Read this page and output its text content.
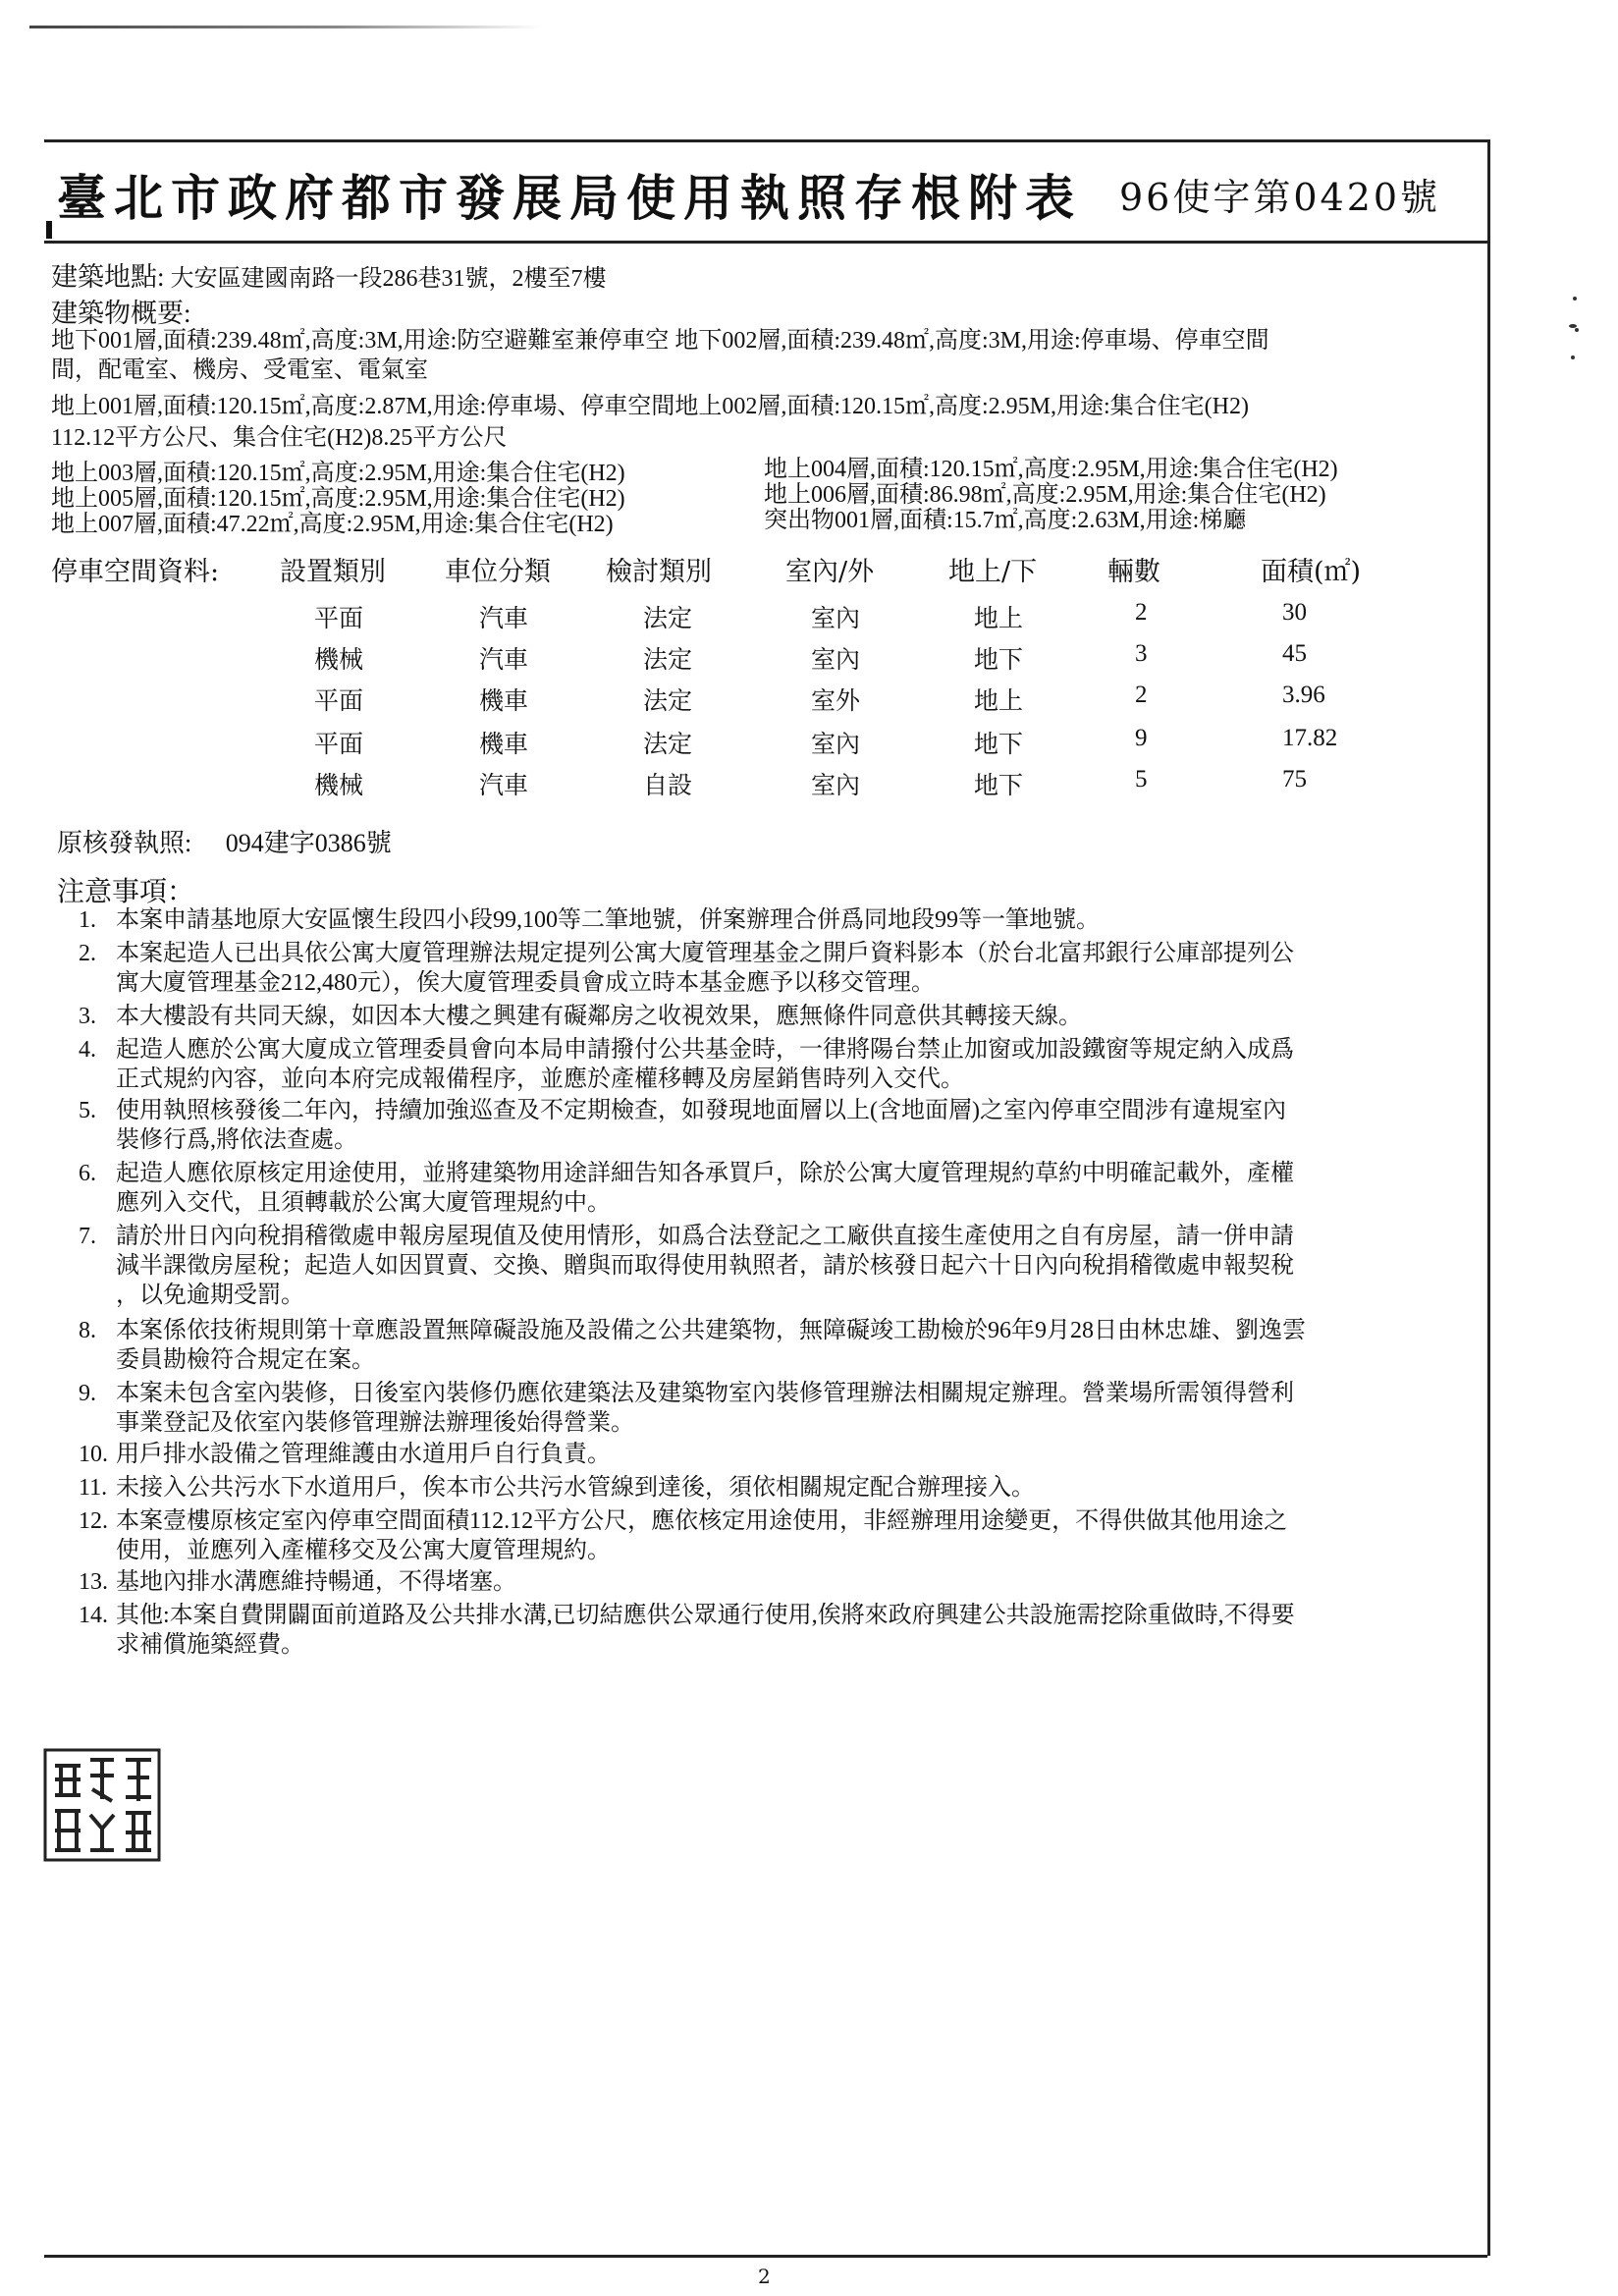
臺北市政府都市發展局使用執照存根附表 96使字第0420號
建築地點: 大安區建國南路一段286巷31號，2樓至7樓
建築物概要:
地下001層,面積:239.48㎡,高度:3M,用途:防空避難室兼停車空 地下002層,面積:239.48㎡,高度:3M,用途:停車場、停車空間
間，配電室、機房、受電室、電氣室
地上001層,面積:120.15㎡,高度:2.87M,用途:停車場、停車空間地上002層,面積:120.15㎡,高度:2.95M,用途:集合住宅(H2)
112.12平方公尺、集合住宅(H2)8.25平方公尺
地上003層,面積:120.15㎡,高度:2.95M,用途:集合住宅(H2)
地上005層,面積:120.15㎡,高度:2.95M,用途:集合住宅(H2)
地上007層,面積:47.22㎡,高度:2.95M,用途:集合住宅(H2)
地上004層,面積:120.15㎡,高度:2.95M,用途:集合住宅(H2)
地上006層,面積:86.98㎡,高度:2.95M,用途:集合住宅(H2)
突出物001層,面積:15.7㎡,高度:2.63M,用途:梯廳
停車空間資料: 設置類別 車位分類 檢討類別	室內/外	地上/下	輛數	面積(㎡)
平面	汽車	法定	室內	地上	2	30
機械	汽車	法定	室內	地下	3	45
平面	機車	法定	室外	地上	2	3.96
平面	機車	法定	室內	地下	9	17.82
機械	汽車	自設	室內	地下	5	75
原核發執照: 094建字0386號
注意事項：
1. 本案申請基地原大安區懷生段四小段99,100等二筆地號，併案辦理合併爲同地段99等一筆地號。
2. 本案起造人已出具依公寓大廈管理辦法規定提列公寓大廈管理基金之開戶資料影本（於台北富邦銀行公庫部提列公
寓大廈管理基金212,480元），俟大廈管理委員會成立時本基金應予以移交管理。
3. 本大樓設有共同天線，如因本大樓之興建有礙鄰房之收視效果，應無條件同意供其轉接天線。
4. 起造人應於公寓大廈成立管理委員會向本局申請撥付公共基金時，一律將陽台禁止加窗或加設鐵窗等規定納入成爲
正式規約內容，並向本府完成報備程序，並應於產權移轉及房屋銷售時列入交代。
5. 使用執照核發後二年內，持續加強巡查及不定期檢查，如發現地面層以上(含地面層)之室內停車空間涉有違規室內
裝修行爲,將依法查處。
6. 起造人應依原核定用途使用，並將建築物用途詳細告知各承買戶，除於公寓大廈管理規約草約中明確記載外，產權
應列入交代，且須轉載於公寓大廈管理規約中。
7. 請於卅日內向稅捐稽徵處申報房屋現值及使用情形，如爲合法登記之工廠供直接生產使用之自有房屋，請一併申請
減半課徵房屋稅；起造人如因買賣、交換、贈與而取得使用執照者，請於核發日起六十日內向稅捐稽徵處申報契稅
，以免逾期受罰。
8. 本案係依技術規則第十章應設置無障礙設施及設備之公共建築物，無障礙竣工勘檢於96年9月28日由林忠雄、劉逸雲
委員勘檢符合規定在案。
9. 本案未包含室內裝修，日後室內裝修仍應依建築法及建築物室內裝修管理辦法相關規定辦理。營業場所需領得營利
事業登記及依室內裝修管理辦法辦理後始得營業。
10. 用戶排水設備之管理維護由水道用戶自行負責。
11. 未接入公共污水下水道用戶，俟本市公共污水管線到達後，須依相關規定配合辦理接入。
12. 本案壹樓原核定室內停車空間面積112.12平方公尺，應依核定用途使用，非經辦理用途變更，不得供做其他用途之
使用，並應列入產權移交及公寓大廈管理規約。
13. 基地內排水溝應維持暢通，不得堵塞。
14. 其他:本案自費開闢面前道路及公共排水溝,已切結應供公眾通行使用,俟將來政府興建公共設施需挖除重做時,不得要
求補償施築經費。
2
